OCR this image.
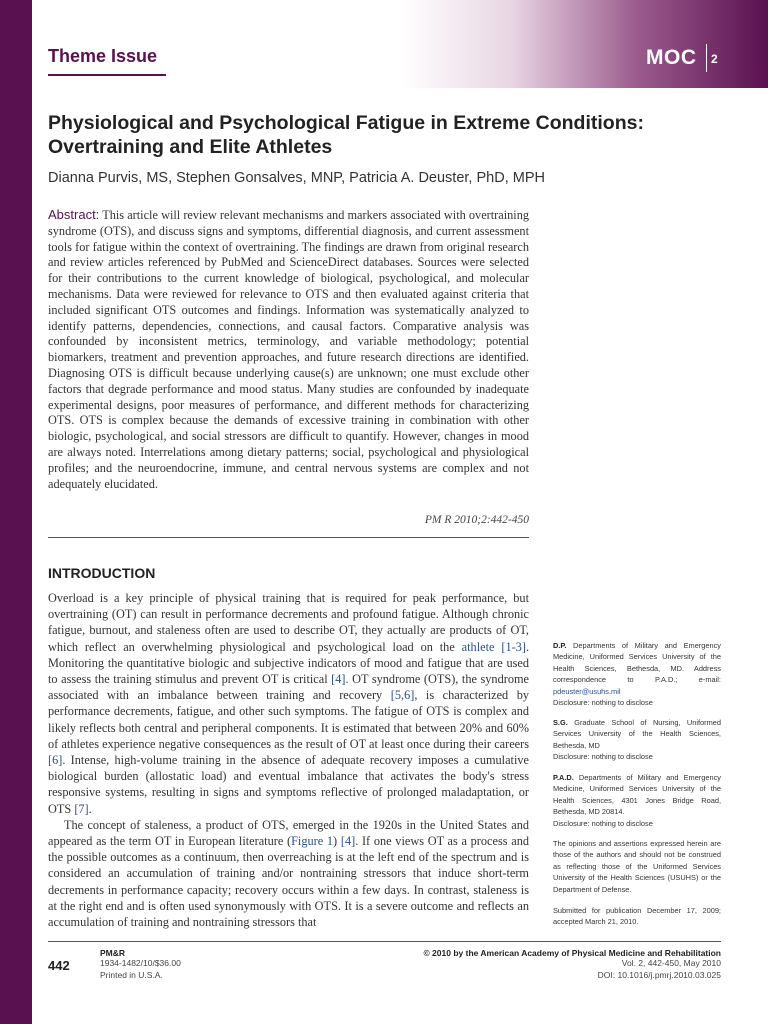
Theme Issue	MOC 2
Physiological and Psychological Fatigue in Extreme Conditions: Overtraining and Elite Athletes
Dianna Purvis, MS, Stephen Gonsalves, MNP, Patricia A. Deuster, PhD, MPH
Abstract: This article will review relevant mechanisms and markers associated with overtraining syndrome (OTS), and discuss signs and symptoms, differential diagnosis, and current assessment tools for fatigue within the context of overtraining. The findings are drawn from original research and review articles referenced by PubMed and ScienceDirect databases. Sources were selected for their contributions to the current knowledge of biological, psychological, and molecular mechanisms. Data were reviewed for relevance to OTS and then evaluated against criteria that included significant OTS outcomes and findings. Information was systematically analyzed to identify patterns, dependencies, connections, and causal factors. Comparative analysis was confounded by inconsistent metrics, terminology, and variable methodology; potential biomarkers, treatment and prevention approaches, and future research directions are identified. Diagnosing OTS is difficult because underlying cause(s) are unknown; one must exclude other factors that degrade performance and mood status. Many studies are confounded by inadequate experimental designs, poor measures of performance, and different methods for characterizing OTS. OTS is complex because the demands of excessive training in combination with other biologic, psychological, and social stressors are difficult to quantify. However, changes in mood are always noted. Interrelations among dietary patterns; social, psychological and physiological profiles; and the neuroendocrine, immune, and central nervous systems are complex and not adequately elucidated.
PM R 2010;2:442-450
INTRODUCTION

Overload is a key principle of physical training that is required for peak performance, but overtraining (OT) can result in performance decrements and profound fatigue. Although chronic fatigue, burnout, and staleness often are used to describe OT, they actually are products of OT, which reflect an overwhelming physiological and psychological load on the athlete [1-3]. Monitoring the quantitative biologic and subjective indicators of mood and fatigue that are used to assess the training stimulus and prevent OT is critical [4]. OT syndrome (OTS), the syndrome associated with an imbalance between training and recovery [5,6], is characterized by performance decrements, fatigue, and other such symptoms. The fatigue of OTS is complex and likely reflects both central and peripheral components. It is estimated that between 20% and 60% of athletes experience negative consequences as the result of OT at least once during their careers [6]. Intense, high-volume training in the absence of adequate recovery imposes a cumulative biological burden (allostatic load) and eventual imbalance that activates the body's stress responsive systems, resulting in signs and symptoms reflective of prolonged maladaptation, or OTS [7].

The concept of staleness, a product of OTS, emerged in the 1920s in the United States and appeared as the term OT in European literature (Figure 1) [4]. If one views OT as a process and the possible outcomes as a continuum, then overreaching is at the left end of the spectrum and is considered an accumulation of training and/or nontraining stressors that induce short-term decrements in performance capacity; recovery occurs within a few days. In contrast, staleness is at the right end and is often used synonymously with OTS. It is a severe outcome and reflects an accumulation of training and nontraining stressors that

D.P. Departments of Military and Emergency Medicine, Uniformed Services University of the Health Sciences, Bethesda, MD. Address correspondence to P.A.D.; e-mail: pdeuster@usuhs.mil
Disclosure: nothing to disclose
S.G. Graduate School of Nursing, Uniformed Services University of the Health Sciences, Bethesda, MD
Disclosure: nothing to disclose
P.A.D. Departments of Military and Emergency Medicine, Uniformed Services University of the Health Sciences, 4301 Jones Bridge Road, Bethesda, MD 20814.
Disclosure: nothing to disclose
The opinions and assertions expressed herein are those of the authors and should not be construed as reflecting those of the Uniformed Services University of the Health Sciences (USUHS) or the Department of Defense.
Submitted for publication December 17, 2009; accepted March 21, 2010.
442
PM&R
1934-1482/10/$36.00
Printed in U.S.A.
© 2010 by the American Academy of Physical Medicine and Rehabilitation
Vol. 2, 442-450, May 2010
DOI: 10.1016/j.pmrj.2010.03.025
